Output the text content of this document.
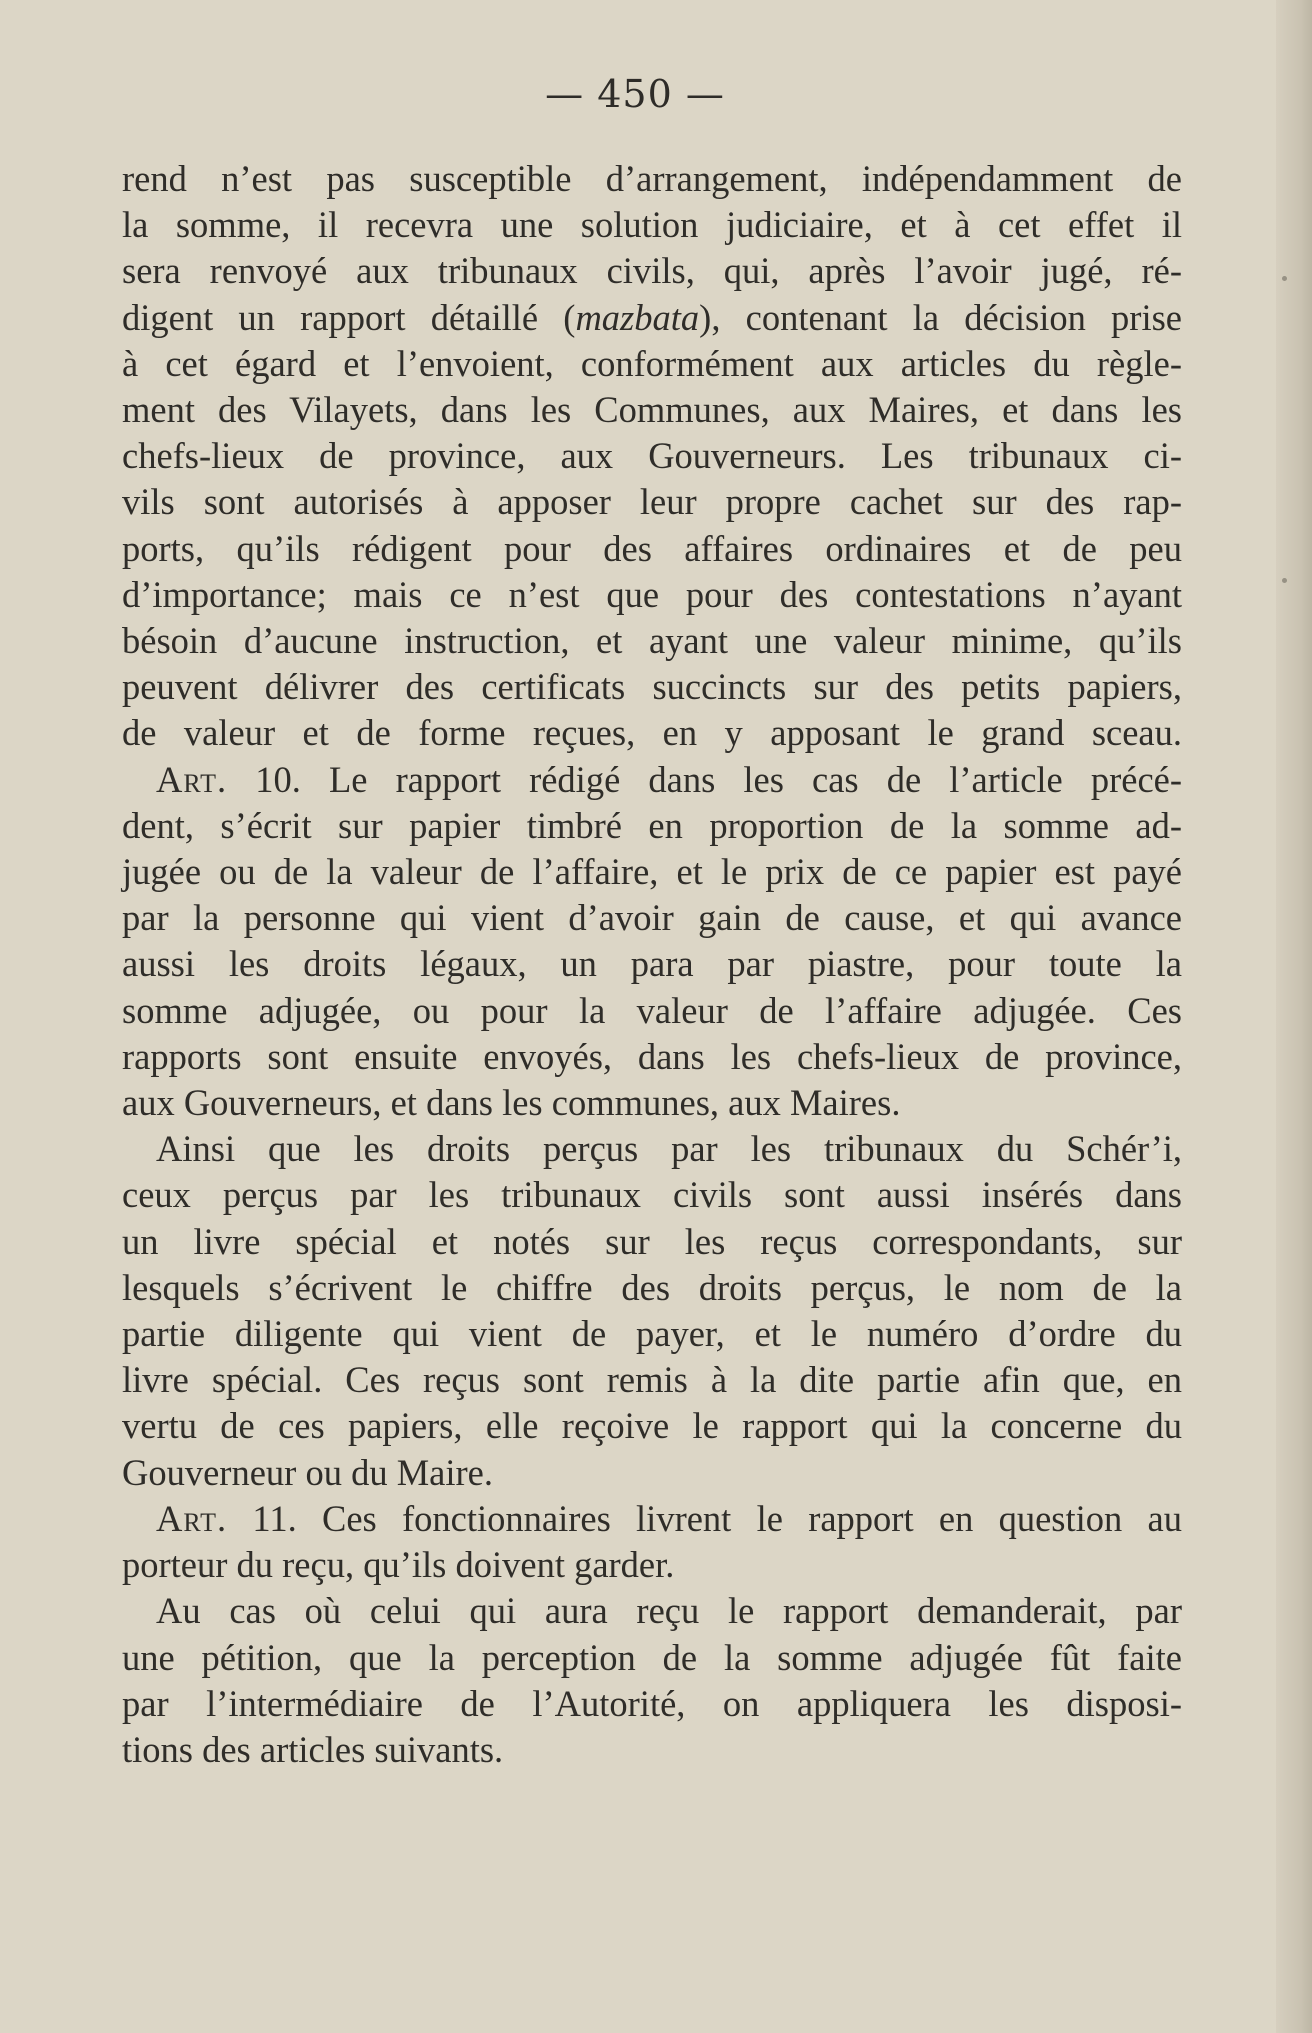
— 450 —
rend n’est pas susceptible d’arrangement, indépendamment de
la somme, il recevra une solution judiciaire, et à cet effet il
sera renvoyé aux tribunaux civils, qui, après l’avoir jugé, ré-
digent un rapport détaillé (mazbata), contenant la décision prise
à cet égard et l’envoient, conformément aux articles du règle-
ment des Vilayets, dans les Communes, aux Maires, et dans les
chefs-lieux de province, aux Gouverneurs. Les tribunaux ci-
vils sont autorisés à apposer leur propre cachet sur des rap-
ports, qu’ils rédigent pour des affaires ordinaires et de peu
d’importance; mais ce n’est que pour des contestations n’ayant
bésoin d’aucune instruction, et ayant une valeur minime, qu’ils
peuvent délivrer des certificats succincts sur des petits papiers,
de valeur et de forme reçues, en y apposant le grand sceau.
Art. 10. Le rapport rédigé dans les cas de l’article précé-
dent, s’écrit sur papier timbré en proportion de la somme ad-
jugée ou de la valeur de l’affaire, et le prix de ce papier est payé
par la personne qui vient d’avoir gain de cause, et qui avance
aussi les droits légaux, un para par piastre, pour toute la
somme adjugée, ou pour la valeur de l’affaire adjugée. Ces
rapports sont ensuite envoyés, dans les chefs-lieux de province,
aux Gouverneurs, et dans les communes, aux Maires.
Ainsi que les droits perçus par les tribunaux du Schér’i,
ceux perçus par les tribunaux civils sont aussi insérés dans
un livre spécial et notés sur les reçus correspondants, sur
lesquels s’écrivent le chiffre des droits perçus, le nom de la
partie diligente qui vient de payer, et le numéro d’ordre du
livre spécial. Ces reçus sont remis à la dite partie afin que, en
vertu de ces papiers, elle reçoive le rapport qui la concerne du
Gouverneur ou du Maire.
Art. 11. Ces fonctionnaires livrent le rapport en question au
porteur du reçu, qu’ils doivent garder.
Au cas où celui qui aura reçu le rapport demanderait, par
une pétition, que la perception de la somme adjugée fût faite
par l’intermédiaire de l’Autorité, on appliquera les disposi-
tions des articles suivants.
